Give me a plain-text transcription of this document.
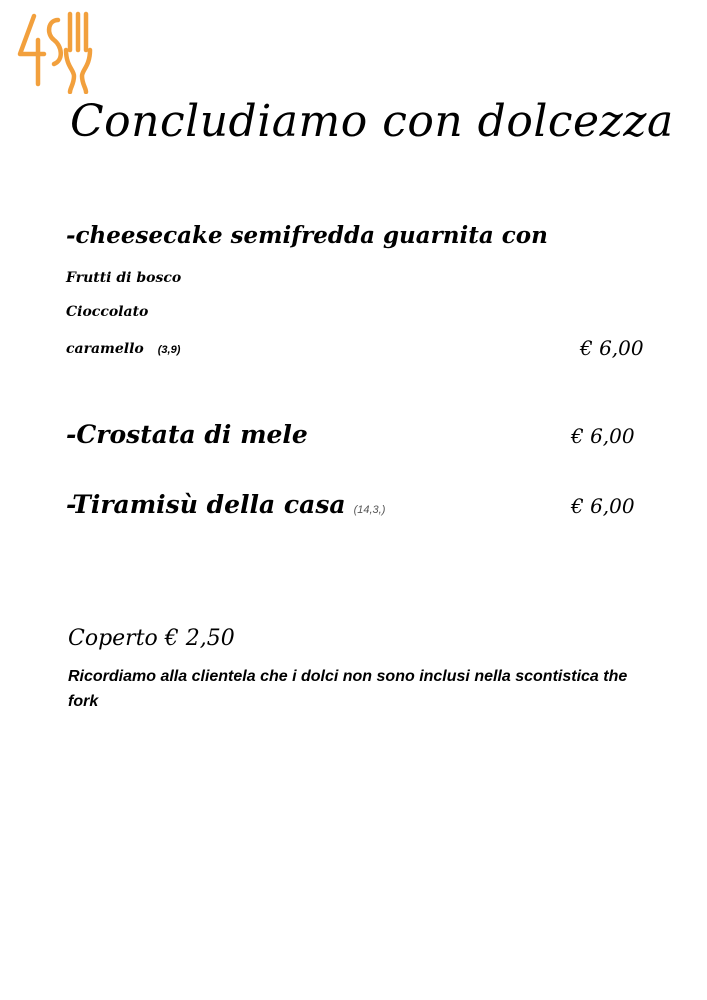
Concludiamo con dolcezza
-cheesecake semifredda guarnita con
Frutti di bosco
Cioccolato
caramello (3,9)	€ 6,00
-Crostata di mele	€ 6,00
-Tiramisù della casa (14,3,)	€ 6,00
Coperto € 2,50
Ricordiamo alla clientela che i dolci non sono inclusi nella scontistica the fork
